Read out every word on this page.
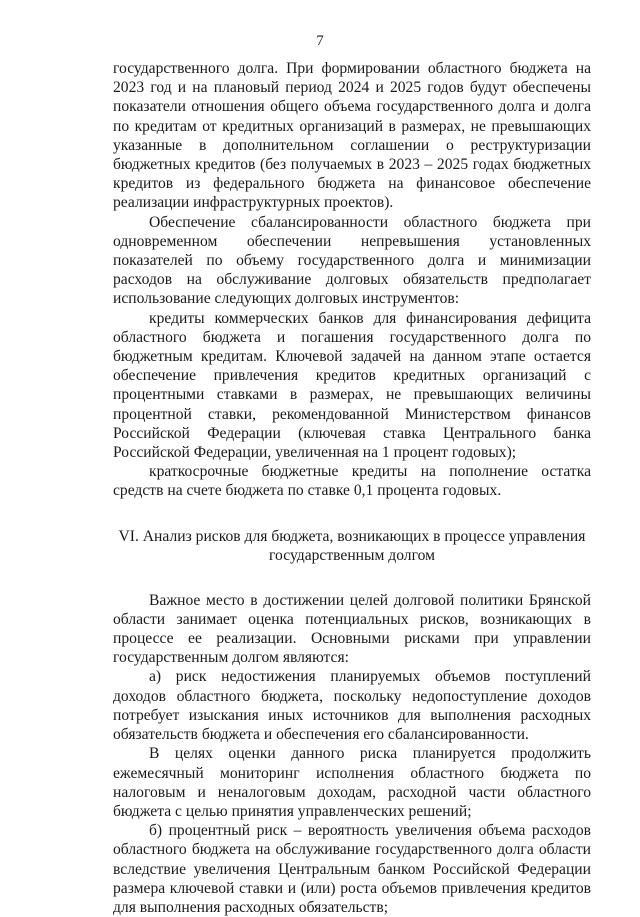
7

государственного долга. При формировании областного бюджета на 2023 год и на плановый период 2024 и 2025 годов будут обеспечены показатели отношения общего объема государственного долга и долга по кредитам от кредитных организаций в размерах, не превышающих указанные в дополнительном соглашении о реструктуризации бюджетных кредитов (без получаемых в 2023 – 2025 годах бюджетных кредитов из федерального бюджета на финансовое обеспечение реализации инфраструктурных проектов).

Обеспечение сбалансированности областного бюджета при одновременном обеспечении непревышения установленных показателей по объему государственного долга и минимизации расходов на обслуживание долговых обязательств предполагает использование следующих долговых инструментов:

кредиты коммерческих банков для финансирования дефицита областного бюджета и погашения государственного долга по бюджетным кредитам. Ключевой задачей на данном этапе остается обеспечение привлечения кредитов кредитных организаций с процентными ставками в размерах, не превышающих величины процентной ставки, рекомендованной Министерством финансов Российской Федерации (ключевая ставка Центрального банка Российской Федерации, увеличенная на 1 процент годовых);

краткосрочные бюджетные кредиты на пополнение остатка средств на счете бюджета по ставке 0,1 процента годовых.

VI. Анализ рисков для бюджета, возникающих в процессе управления
государственным долгом

Важное место в достижении целей долговой политики Брянской области занимает оценка потенциальных рисков, возникающих в процессе ее реализации. Основными рисками при управлении государственным долгом являются:

а) риск недостижения планируемых объемов поступлений доходов областного бюджета, поскольку недопоступление доходов потребует изыскания иных источников для выполнения расходных обязательств бюджета и обеспечения его сбалансированности.

В целях оценки данного риска планируется продолжить ежемесячный мониторинг исполнения областного бюджета по налоговым и неналоговым доходам, расходной части областного бюджета с целью принятия управленческих решений;

б) процентный риск – вероятность увеличения объема расходов областного бюджета на обслуживание государственного долга области вследствие увеличения Центральным банком Российской Федерации размера ключевой ставки и (или) роста объемов привлечения кредитов для выполнения расходных обязательств;
